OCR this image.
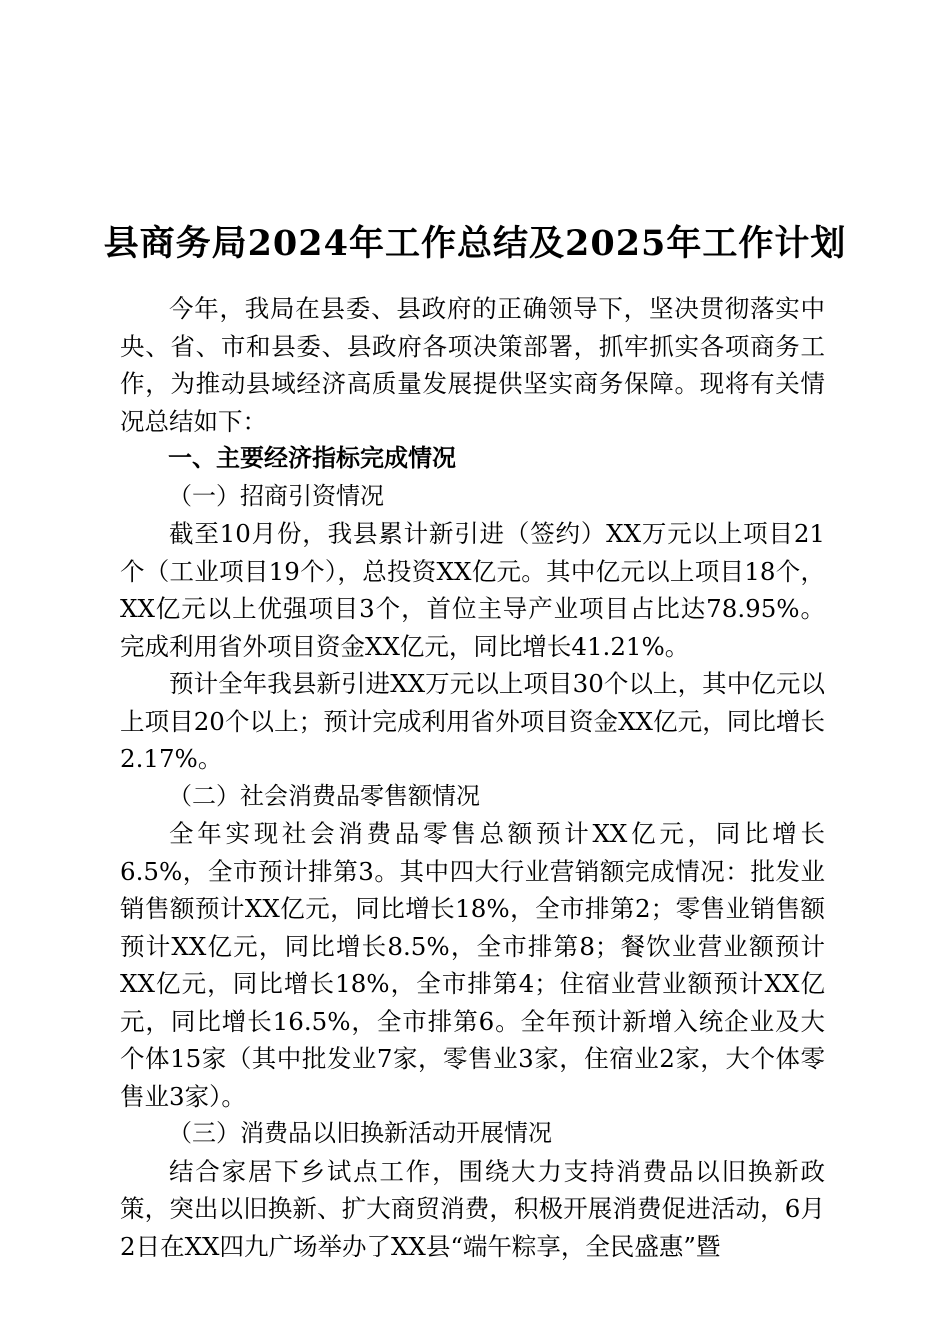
县商务局2024年工作总结及2025年工作计划

今年，我局在县委、县政府的正确领导下，坚决贯彻落实中央、省、市和县委、县政府各项决策部署，抓牢抓实各项商务工作，为推动县域经济高质量发展提供坚实商务保障。现将有关情况总结如下：

一、主要经济指标完成情况

（一）招商引资情况

截至10月份，我县累计新引进（签约）XX万元以上项目21个（工业项目19个），总投资XX亿元。其中亿元以上项目18个，XX亿元以上优强项目3个，首位主导产业项目占比达78.95%。完成利用省外项目资金XX亿元，同比增长41.21%。

预计全年我县新引进XX万元以上项目30个以上，其中亿元以上项目20个以上；预计完成利用省外项目资金XX亿元，同比增长2.17%。

（二）社会消费品零售额情况

全年实现社会消费品零售总额预计XX亿元，同比增长6.5%，全市预计排第3。其中四大行业营销额完成情况：批发业销售额预计XX亿元，同比增长18%，全市排第2；零售业销售额预计XX亿元，同比增长8.5%，全市排第8；餐饮业营业额预计XX亿元，同比增长18%，全市排第4；住宿业营业额预计XX亿元，同比增长16.5%，全市排第6。全年预计新增入统企业及大个体15家（其中批发业7家，零售业3家，住宿业2家，大个体零售业3家）。

（三）消费品以旧换新活动开展情况

结合家居下乡试点工作，围绕大力支持消费品以旧换新政策，突出以旧换新、扩大商贸消费，积极开展消费促进活动，6月2日在XX四九广场举办了XX县“端午粽享，全民盛惠”暨
